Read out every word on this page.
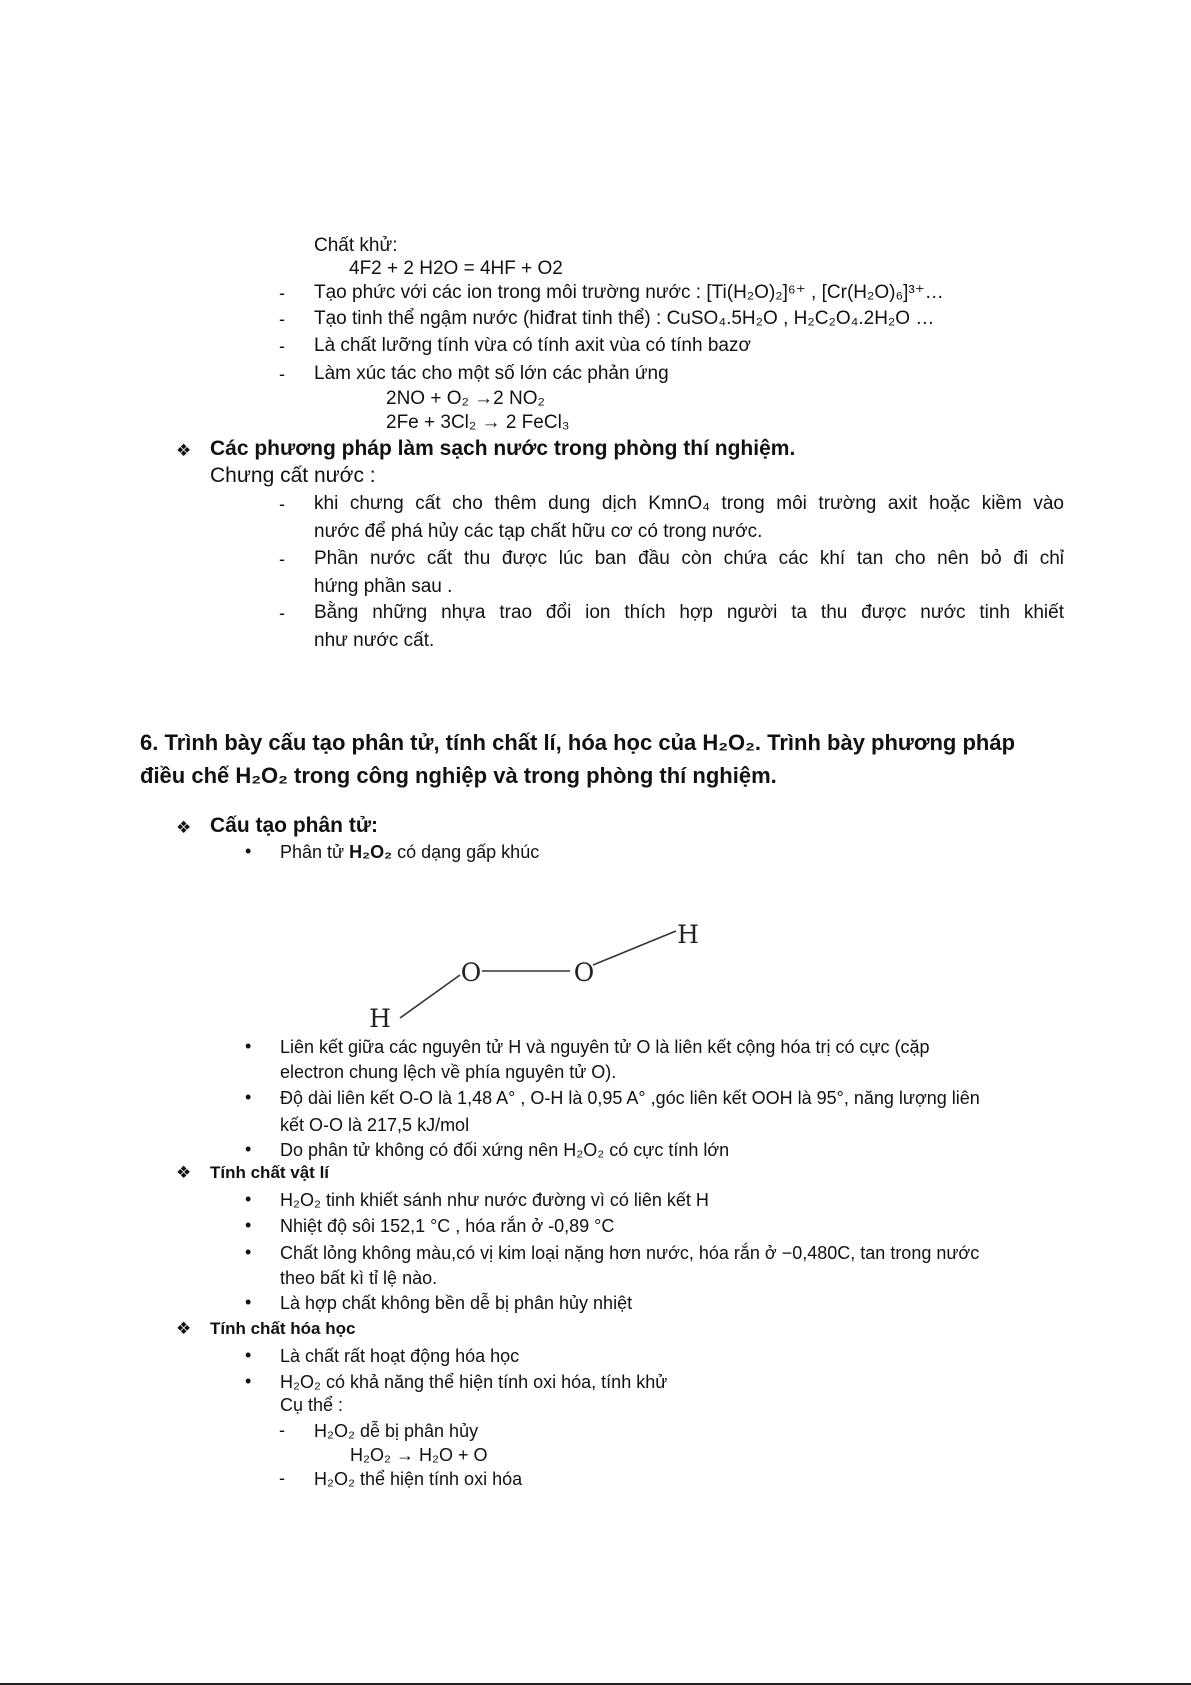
Chất khử:
4F2 + 2 H2O = 4HF + O2
- Tạo phức với các ion trong môi trường nước : [Ti(H₂O)₂]⁶⁺ , [Cr(H₂O)₆]³⁺…
- Tạo tinh thể ngậm nước (hiđrat tinh thể) : CuSO₄.5H₂O , H₂C₂O₄.2H₂O …
- Là chất lưỡng tính vừa có tính axit vùa có tính bazơ
- Làm xúc tác cho một số lớn các phản ứng
2NO + O₂ →2 NO₂
2Fe + 3Cl₂ → 2 FeCl₃
❖ Các phương pháp làm sạch nước trong phòng thí nghiệm.
Chưng cất nước :
- khi chưng cất cho thêm dung dịch KmnO₄ trong môi trường axit hoặc kiềm vào
nước để phá hủy các tạp chất hữu cơ có trong nước.
- Phần nước cất thu được lúc ban đầu còn chứa các khí tan cho nên bỏ đi chỉ
hứng phần sau .
- Bằng những nhựa trao đổi ion thích hợp người ta thu được nước tinh khiết
như nước cất.
6. Trình bày cấu tạo phân tử, tính chất lí, hóa học của H₂O₂. Trình bày phương pháp
điều chế H₂O₂ trong công nghiệp và trong phòng thí nghiệm.
❖ Cấu tạo phân tử:
• Phân tử H₂O₂ có dạng gấp khúc
H
O
O
H
• Liên kết giữa các nguyên tử H và nguyên tử O là liên kết cộng hóa trị có cực (cặp
electron chung lệch về phía nguyên tử O).
• Độ dài liên kết O-O là 1,48 A° , O-H là 0,95 A° ,góc liên kết OOH là 95°, năng lượng liên
kết O-O là 217,5 kJ/mol
• Do phân tử không có đối xứng nên H₂O₂ có cực tính lớn
❖ Tính chất vật lí
• H₂O₂ tinh khiết sánh như nước đường vì có liên kết H
• Nhiệt độ sôi 152,1 °C , hóa rắn ở -0,89 °C
• Chất lỏng không màu,có vị kim loại nặng hơn nước, hóa rắn ở −0,480C, tan trong nước
theo bất kì tỉ lệ nào.
• Là hợp chất không bền dễ bị phân hủy nhiệt
❖ Tính chất hóa học
• Là chất rất hoạt động hóa học
• H₂O₂ có khả năng thể hiện tính oxi hóa, tính khử
Cụ thể :
- H₂O₂ dễ bị phân hủy
H₂O₂ → H₂O + O
- H₂O₂ thể hiện tính oxi hóa
